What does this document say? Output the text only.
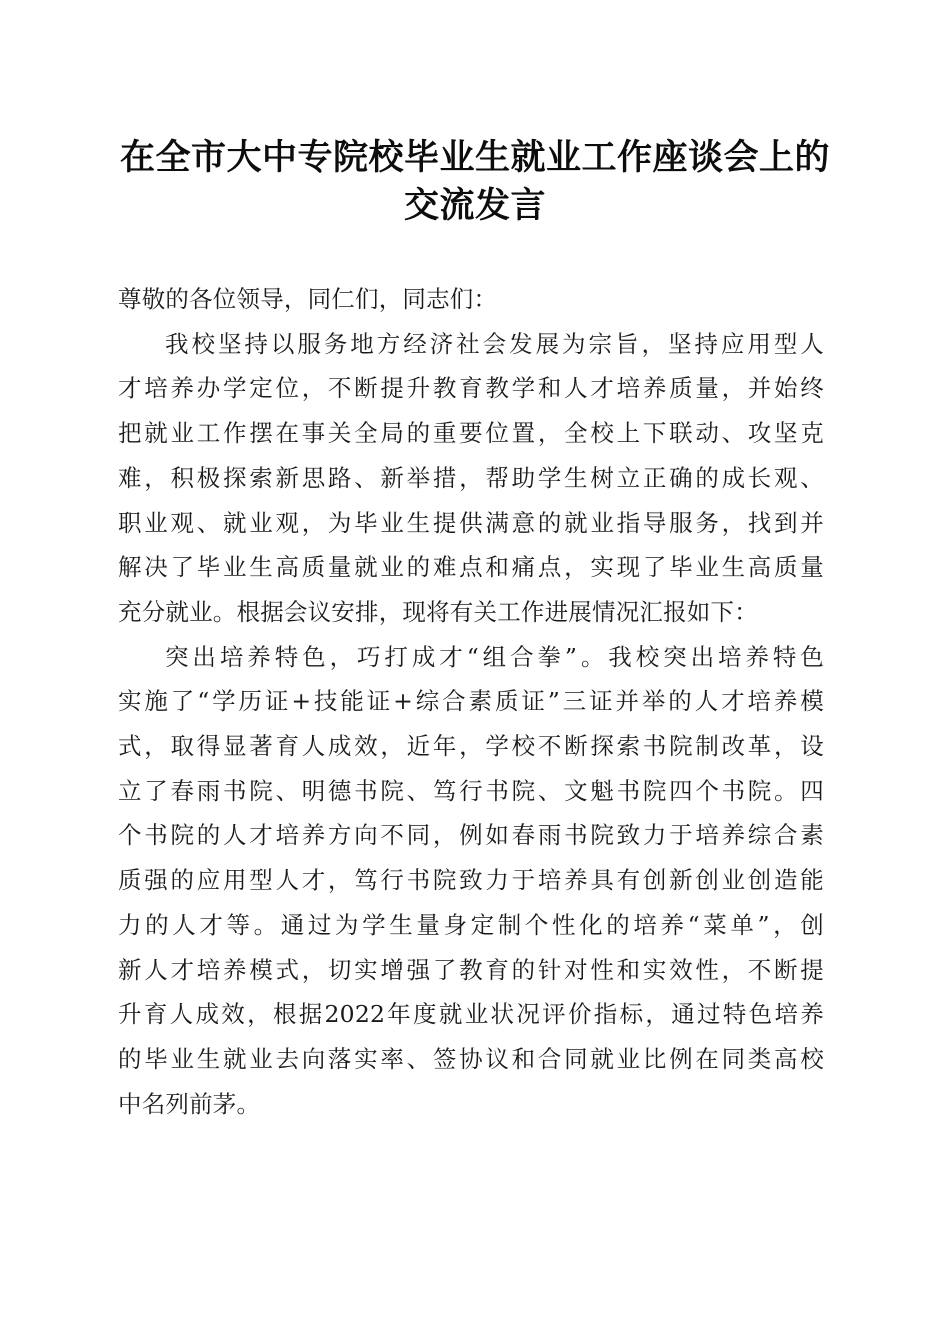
在全市大中专院校毕业生就业工作座谈会上的
交流发言
尊敬的各位领导，同仁们，同志们：
我校坚持以服务地方经济社会发展为宗旨，坚持应用型人
才培养办学定位，不断提升教育教学和人才培养质量，并始终
把就业工作摆在事关全局的重要位置，全校上下联动、攻坚克
难，积极探索新思路、新举措，帮助学生树立正确的成长观、
职业观、就业观，为毕业生提供满意的就业指导服务，找到并
解决了毕业生高质量就业的难点和痛点，实现了毕业生高质量
充分就业。根据会议安排，现将有关工作进展情况汇报如下：
突出培养特色，巧打成才“组合拳”。我校突出培养特色
实施了“学历证+技能证+综合素质证”三证并举的人才培养模
式，取得显著育人成效，近年，学校不断探索书院制改革，设
立了春雨书院、明德书院、笃行书院、文魁书院四个书院。四
个书院的人才培养方向不同，例如春雨书院致力于培养综合素
质强的应用型人才，笃行书院致力于培养具有创新创业创造能
力的人才等。通过为学生量身定制个性化的培养“菜单”，创
新人才培养模式，切实增强了教育的针对性和实效性，不断提
升育人成效，根据2022年度就业状况评价指标，通过特色培养
的毕业生就业去向落实率、签协议和合同就业比例在同类高校
中名列前茅。
